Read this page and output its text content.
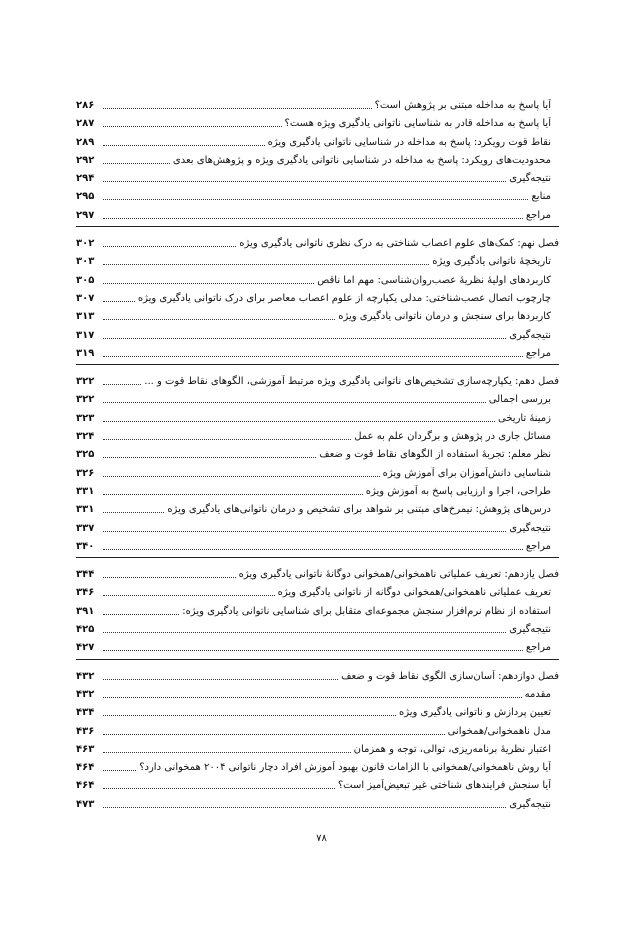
آیا پاسخ به مداخله مبتنی بر پژوهش است؟
۲۸۶
آیا پاسخ به مداخله قادر به شناسایی ناتوانی یادگیری ویژه هست؟
۲۸۷
نقاط قوت رویکرد: پاسخ به مداخله در شناسایی ناتوانی یادگیری ویژه
۲۸۹
محدودیت‌های رویکرد: پاسخ به مداخله در شناسایی ناتوانی یادگیری ویژه و پژوهش‌های بعدی
۲۹۲
نتیجه‌گیری
۲۹۴
منابع
۲۹۵
مراجع
۲۹۷
فصل نهم: کمک‌های علوم اعصاب شناختی به درک نظری ناتوانی یادگیری ویژه
۳۰۲
تاریخچهٔ ناتوانی یادگیری ویژه
۳۰۳
کاربردهای اولیهٔ نظریهٔ عصب‌روان‌شناسی: مهم اما ناقص
۳۰۵
چارچوب اتصال عصب‌شناختی: مدلی یکپارچه از علوم اعصاب معاصر برای درک ناتوانی یادگیری ویژه
۳۰۷
کاربردها برای سنجش و درمان ناتوانی یادگیری ویژه
۳۱۳
نتیجه‌گیری
۳۱۷
مراجع
۳۱۹
فصل دهم: یکپارچه‌سازی تشخیص‌های ناتوانی یادگیری ویژه مرتبط آموزشی، الگوهای نقاط قوت و ...
۳۲۲
بررسی اجمالی
۳۲۲
زمینهٔ تاریخی
۳۲۳
مسائل جاری در پژوهش و برگردان علم به عمل
۳۲۴
نظر معلم: تجربهٔ استفاده از الگوهای نقاط قوت و ضعف
۳۲۵
شناسایی دانش‌آموزان برای آموزش ویژه
۳۲۶
طراحی، اجرا و ارزیابی پاسخ به آموزش ویژه
۳۳۱
درس‌های پژوهش: نیمرخ‌های مبتنی بر شواهد برای تشخیص و درمان ناتوانی‌های یادگیری ویژه
۳۳۱
نتیجه‌گیری
۳۳۷
مراجع
۳۴۰
فصل یازدهم: تعریف عملیاتی ناهمخوانی/همخوانی دوگانهٔ ناتوانی یادگیری ویژه
۳۴۴
تعریف عملیاتی ناهمخوانی/همخوانی دوگانه از ناتوانی یادگیری ویژه
۳۴۶
استفاده از نظام نرم‌افزار سنجش مجموعه‌ای متقابل برای شناسایی ناتوانی یادگیری ویژه:
۳۹۱
نتیجه‌گیری
۴۲۵
مراجع
۴۲۷
فصل دوازدهم: آسان‌سازی الگوی نقاط قوت و ضعف
۴۳۲
مقدمه
۴۳۲
تعیین پردازش و ناتوانی یادگیری ویژه
۴۳۴
مدل ناهمخوانی/همخوانی
۴۳۶
اعتبار نظریهٔ برنامه‌ریزی، توالی، توجه و همزمان
۴۶۳
آیا روش ناهمخوانی/همخوانی با الزامات قانون بهبود آموزش افراد دچار ناتوانی ۲۰۰۴ همخوانی دارد؟
۴۶۴
آیا سنجش فرایندهای شناختی غیر تبعیض‌آمیز است؟
۴۶۴
نتیجه‌گیری
۴۷۳
۷۸
